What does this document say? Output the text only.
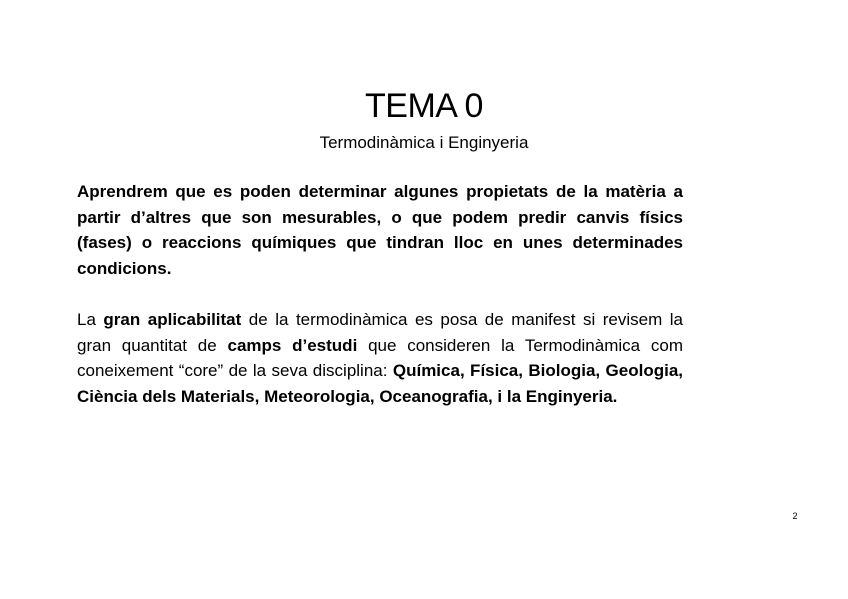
TEMA 0
Termodinàmica i Enginyeria

Aprendrem que es poden determinar algunes propietats de la matèria a partir d’altres que son mesurables, o que podem predir canvis físics (fases) o reaccions químiques que tindran lloc en unes determinades condicions.

La gran aplicabilitat de la termodinàmica es posa de manifest si revisem la gran quantitat de camps d’estudi que consideren la Termodinàmica com coneixement “core” de la seva disciplina: Química, Física, Biologia, Geologia, Ciència dels Materials, Meteorologia, Oceanografia, i la Enginyeria.

2
